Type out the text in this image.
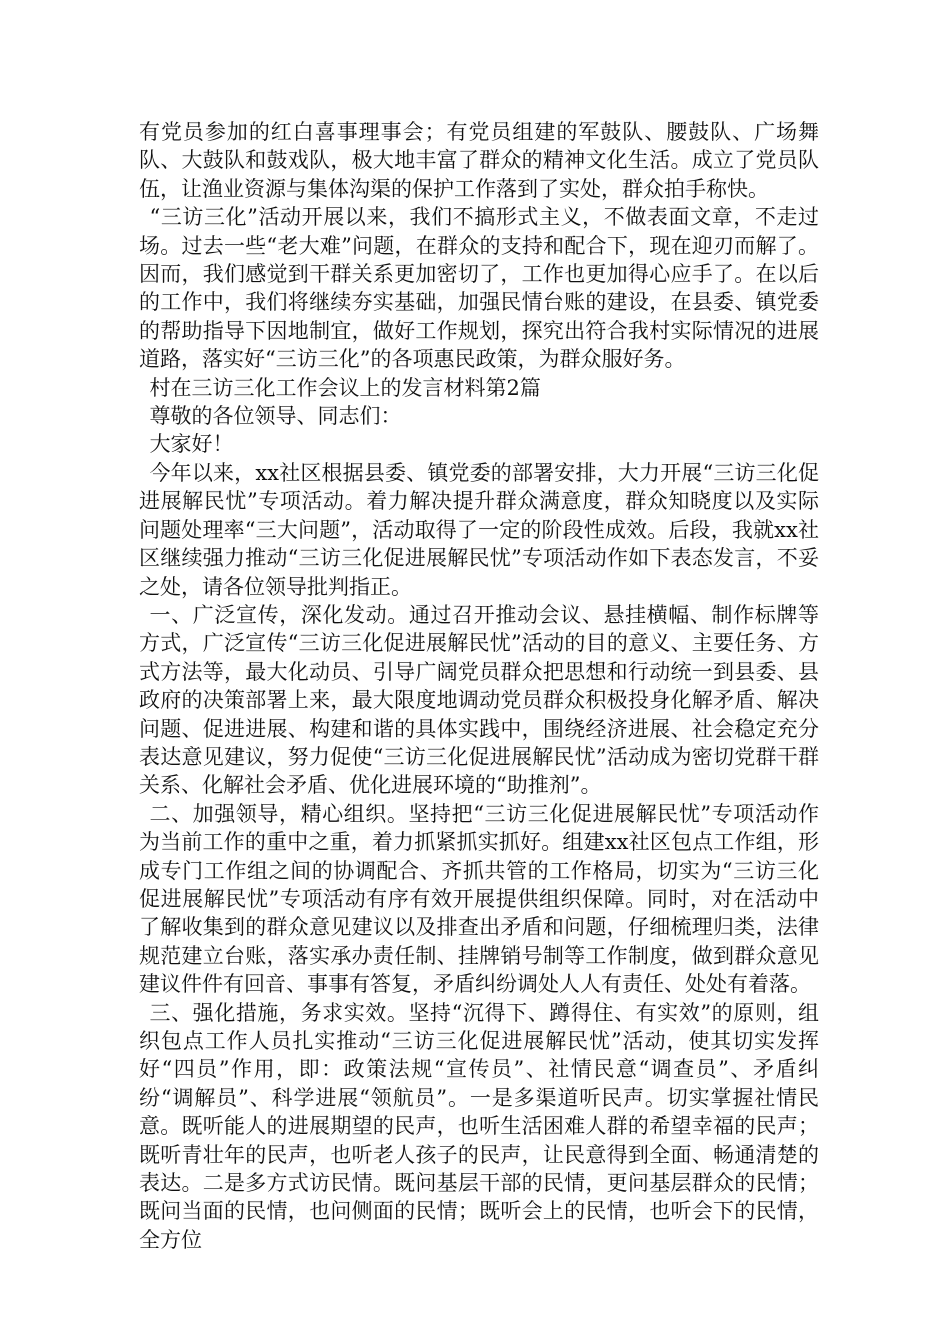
有党员参加的红白喜事理事会；有党员组建的军鼓队、腰鼓队、广场舞队、大鼓队和鼓戏队，极大地丰富了群众的精神文化生活。成立了党员队伍，让渔业资源与集体沟渠的保护工作落到了实处，群众拍手称快。

“三访三化”活动开展以来，我们不搞形式主义，不做表面文章，不走过场。过去一些“老大难”问题，在群众的支持和配合下，现在迎刃而解了。因而，我们感觉到干群关系更加密切了，工作也更加得心应手了。在以后的工作中，我们将继续夯实基础，加强民情台账的建设，在县委、镇党委的帮助指导下因地制宜，做好工作规划，探究出符合我村实际情况的进展道路，落实好“三访三化”的各项惠民政策，为群众服好务。

村在三访三化工作会议上的发言材料第2篇

尊敬的各位领导、同志们：

大家好！

今年以来，xx社区根据县委、镇党委的部署安排，大力开展“三访三化促进展解民忧”专项活动。着力解决提升群众满意度，群众知晓度以及实际问题处理率“三大问题”，活动取得了一定的阶段性成效。后段，我就xx社区继续强力推动“三访三化促进展解民忧”专项活动作如下表态发言，不妥之处，请各位领导批判指正。

一、广泛宣传，深化发动。通过召开推动会议、悬挂横幅、制作标牌等方式，广泛宣传“三访三化促进展解民忧”活动的目的意义、主要任务、方式方法等，最大化动员、引导广阔党员群众把思想和行动统一到县委、县政府的决策部署上来，最大限度地调动党员群众积极投身化解矛盾、解决问题、促进进展、构建和谐的具体实践中，围绕经济进展、社会稳定充分表达意见建议，努力促使“三访三化促进展解民忧”活动成为密切党群干群关系、化解社会矛盾、优化进展环境的“助推剂”。

二、加强领导，精心组织。坚持把“三访三化促进展解民忧”专项活动作为当前工作的重中之重，着力抓紧抓实抓好。组建xx社区包点工作组，形成专门工作组之间的协调配合、齐抓共管的工作格局，切实为“三访三化促进展解民忧”专项活动有序有效开展提供组织保障。同时，对在活动中了解收集到的群众意见建议以及排查出矛盾和问题，仔细梳理归类，法律规范建立台账，落实承办责任制、挂牌销号制等工作制度，做到群众意见建议件件有回音、事事有答复，矛盾纠纷调处人人有责任、处处有着落。

三、强化措施，务求实效。坚持“沉得下、蹲得住、有实效”的原则，组织包点工作人员扎实推动“三访三化促进展解民忧”活动，使其切实发挥好“四员”作用，即：政策法规“宣传员”、社情民意“调查员”、矛盾纠纷“调解员”、科学进展“领航员”。一是多渠道听民声。切实掌握社情民意。既听能人的进展期望的民声，也听生活困难人群的希望幸福的民声；既听青壮年的民声，也听老人孩子的民声，让民意得到全面、畅通清楚的表达。二是多方式访民情。既问基层干部的民情，更问基层群众的民情；既问当面的民情，也问侧面的民情；既听会上的民情，也听会下的民情，全方位
